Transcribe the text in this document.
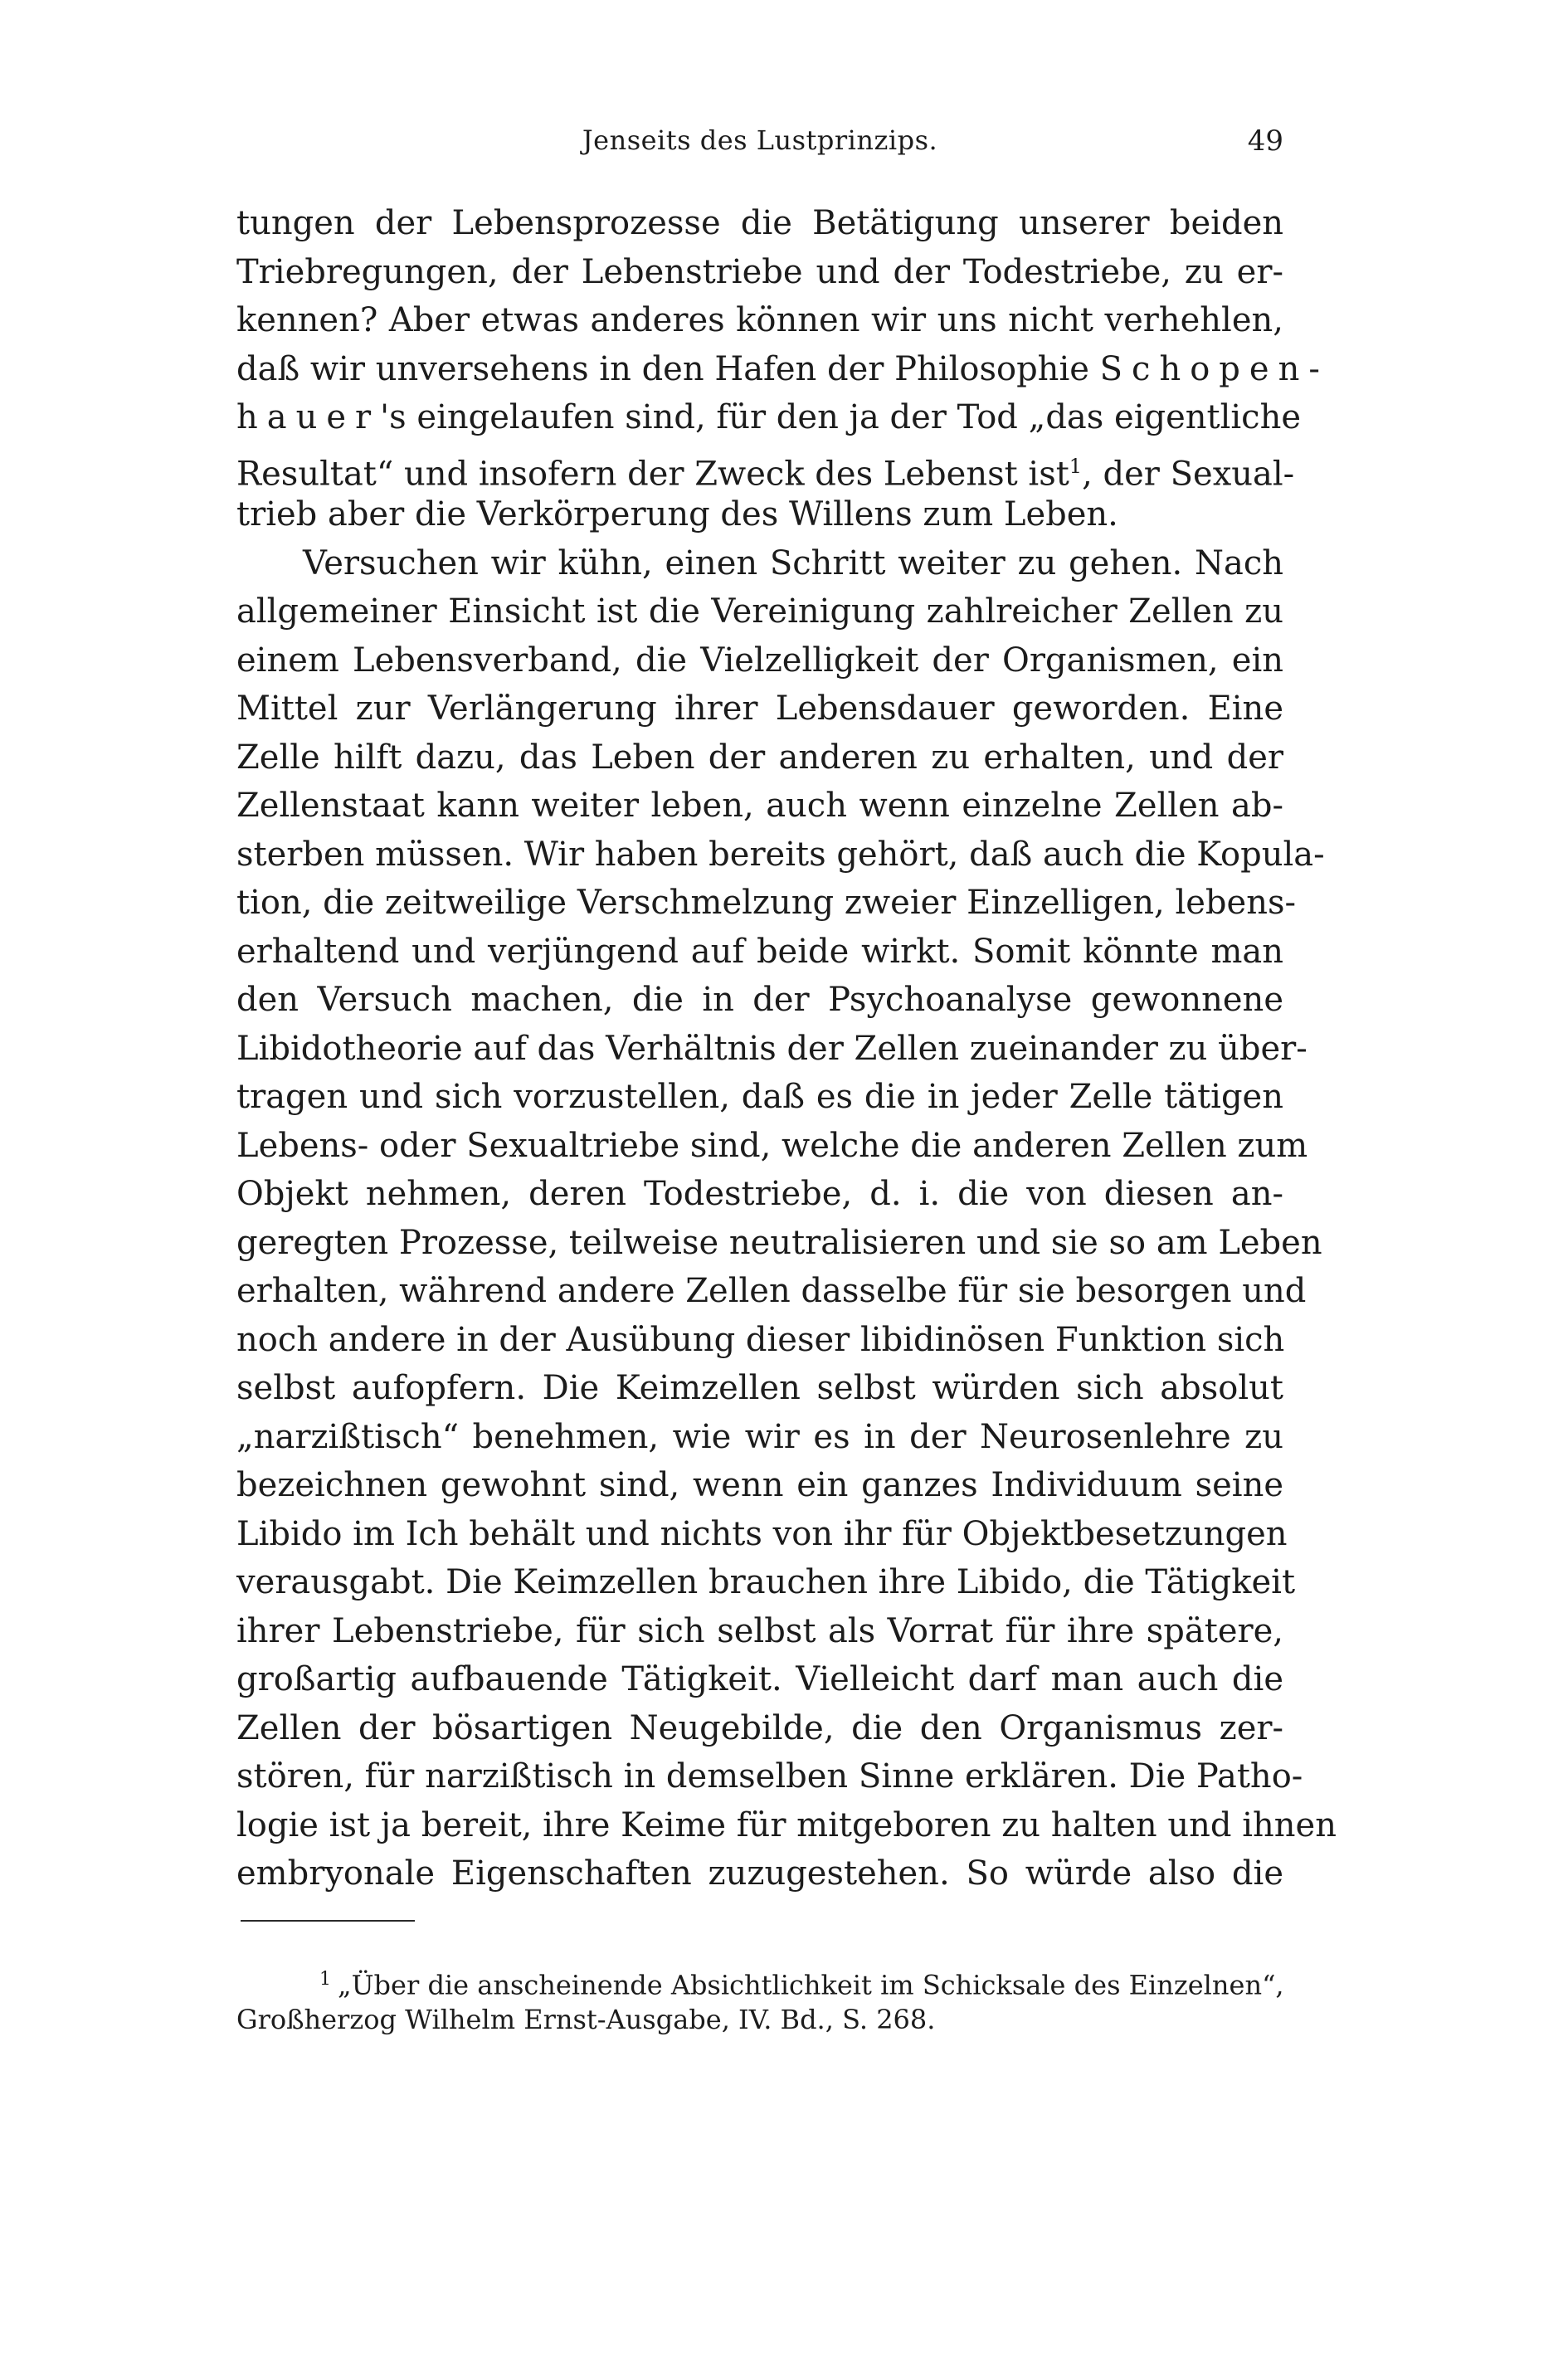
Jenseits des Lustprinzips.	49
tungen der Lebensprozesse die Betätigung unserer beiden
Triebregungen, der Lebenstriebe und der Todestriebe, zu er-
kennen? Aber etwas anderes können wir uns nicht verhehlen,
daß wir unversehens in den Hafen der Philosophie Schopen-
hauer's eingelaufen sind, für den ja der Tod „das eigentliche
Resultat“ und insofern der Zweck des Lebenst ist$^1$, der Sexual-
trieb aber die Verkörperung des Willens zum Leben.
Versuchen wir kühn, einen Schritt weiter zu gehen. Nach
allgemeiner Einsicht ist die Vereinigung zahlreicher Zellen zu
einem Lebensverband, die Vielzelligkeit der Organismen, ein
Mittel zur Verlängerung ihrer Lebensdauer geworden. Eine
Zelle hilft dazu, das Leben der anderen zu erhalten, und der
Zellenstaat kann weiter leben, auch wenn einzelne Zellen ab-
sterben müssen. Wir haben bereits gehört, daß auch die Kopula-
tion, die zeitweilige Verschmelzung zweier Einzelligen, lebens-
erhaltend und verjüngend auf beide wirkt. Somit könnte man
den Versuch machen, die in der Psychoanalyse gewonnene
Libidotheorie auf das Verhältnis der Zellen zueinander zu über-
tragen und sich vorzustellen, daß es die in jeder Zelle tätigen
Lebens- oder Sexualtriebe sind, welche die anderen Zellen zum
Objekt nehmen, deren Todestriebe, d. i. die von diesen an-
geregten Prozesse, teilweise neutralisieren und sie so am Leben
erhalten, während andere Zellen dasselbe für sie besorgen und
noch andere in der Ausübung dieser libidinösen Funktion sich
selbst aufopfern. Die Keimzellen selbst würden sich absolut
„narzißtisch“ benehmen, wie wir es in der Neurosenlehre zu
bezeichnen gewohnt sind, wenn ein ganzes Individuum seine
Libido im Ich behält und nichts von ihr für Objektbesetzungen
verausgabt. Die Keimzellen brauchen ihre Libido, die Tätigkeit
ihrer Lebenstriebe, für sich selbst als Vorrat für ihre spätere,
großartig aufbauende Tätigkeit. Vielleicht darf man auch die
Zellen der bösartigen Neugebilde, die den Organismus zer-
stören, für narzißtisch in demselben Sinne erklären. Die Patho-
logie ist ja bereit, ihre Keime für mitgeboren zu halten und ihnen
embryonale Eigenschaften zuzugestehen. So würde also die
$^1$ „Über die anscheinende Absichtlichkeit im Schicksale des Einzelnen“,
Großherzog Wilhelm Ernst-Ausgabe, IV. Bd., S. 268.
